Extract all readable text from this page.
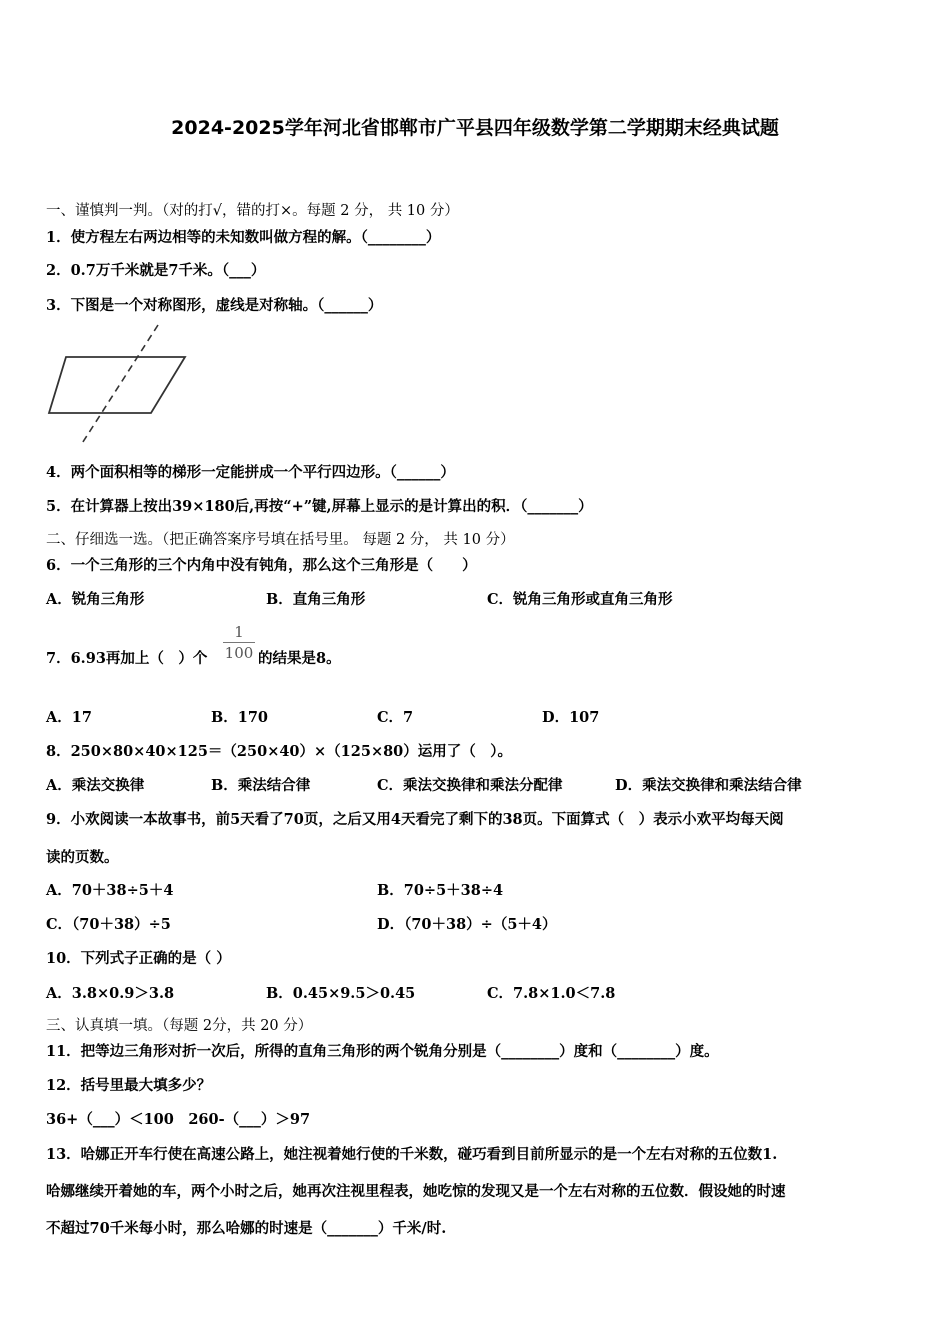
2024-2025学年河北省邯郸市广平县四年级数学第二学期期末经典试题
一、谨慎判一判。（对的打√，错的打×。每题 2 分， 共 10 分）
1．使方程左右两边相等的未知数叫做方程的解。（________）
2．0.7万千米就是7千米。（___）
3．下图是一个对称图形，虚线是对称轴。（______）
4．两个面积相等的梯形一定能拼成一个平行四边形。（______）
5．在计算器上按出39×180后,再按“+”键,屏幕上显示的是计算出的积．（_______）
二、仔细选一选。（把正确答案序号填在括号里。 每题 2 分， 共 10 分）
6．一个三角形的三个内角中没有钝角，那么这个三角形是（　　）
A．锐角三角形	B．直角三角形	C．锐角三角形或直角三角形
7．6.93再加上（　）个
1
100 的结果是8。
A．17	B．170	C．7	D．107
8．250×80×40×125＝（250×40）×（125×80）运用了（　）。
A．乘法交换律	B．乘法结合律	C．乘法交换律和乘法分配律	D．乘法交换律和乘法结合律
9．小欢阅读一本故事书，前5天看了70页，之后又用4天看完了剩下的38页。下面算式（　）表示小欢平均每天阅
读的页数。
A．70＋38÷5＋4	B．70÷5＋38÷4
C．（70＋38）÷5	D．（70＋38）÷（5＋4）
10．下列式子正确的是（ ）
A．3.8×0.9＞3.8	B．0.45×9.5＞0.45	C．7.8×1.0＜7.8
三、认真填一填。（每题 2分，共 20 分）
11．把等边三角形对折一次后，所得的直角三角形的两个锐角分别是（________）度和（________）度。
12．括号里最大填多少？
36+（___）＜100　260-（___）＞97
13．哈娜正开车行使在高速公路上，她注视着她行使的千米数，碰巧看到目前所显示的是一个左右对称的五位数1.
哈娜继续开着她的车，两个小时之后，她再次注视里程表，她吃惊的发现又是一个左右对称的五位数．假设她的时速
不超过70千米每小时，那么哈娜的时速是（_______）千米/时.
